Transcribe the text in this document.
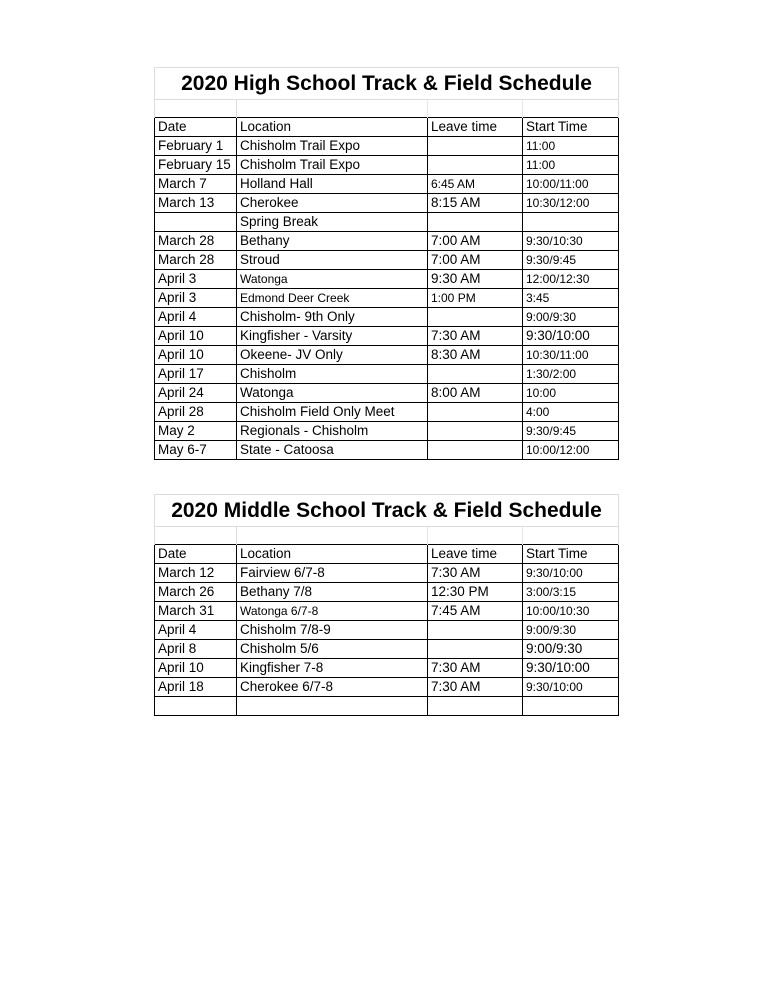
2020 High School Track & Field Schedule			

Date	Location	Leave time	Start Time
February 1	Chisholm Trail Expo		11:00
February 15	Chisholm Trail Expo		11:00
March 7	Holland Hall	6:45 AM	10:00/11:00
March 13	Cherokee	8:15 AM	10:30/12:00
	Spring Break		
March 28	Bethany	7:00 AM	9:30/10:30
March 28	Stroud	7:00 AM	9:30/9:45
April 3	Watonga	9:30 AM	12:00/12:30
April 3	Edmond Deer Creek	1:00 PM	3:45
April 4	Chisholm- 9th Only		9:00/9:30
April 10	Kingfisher - Varsity	7:30 AM	9:30/10:00
April 10	Okeene- JV Only	8:30 AM	10:30/11:00
April 17	Chisholm		1:30/2:00
April 24	Watonga	8:00 AM	10:00
April 28	Chisholm Field Only Meet		4:00
May 2	Regionals - Chisholm		9:30/9:45
May 6-7	State - Catoosa		10:00/12:00
2020 Middle School Track & Field Schedule			

Date	Location	Leave time	Start Time
March 12	Fairview 6/7-8	7:30 AM	9:30/10:00
March 26	Bethany 7/8	12:30 PM	3:00/3:15
March 31	Watonga 6/7-8	7:45 AM	10:00/10:30
April 4	Chisholm 7/8-9		9:00/9:30
April 8	Chisholm 5/6		9:00/9:30
April 10	Kingfisher 7-8	7:30 AM	9:30/10:00
April 18	Cherokee 6/7-8	7:30 AM	9:30/10:00
